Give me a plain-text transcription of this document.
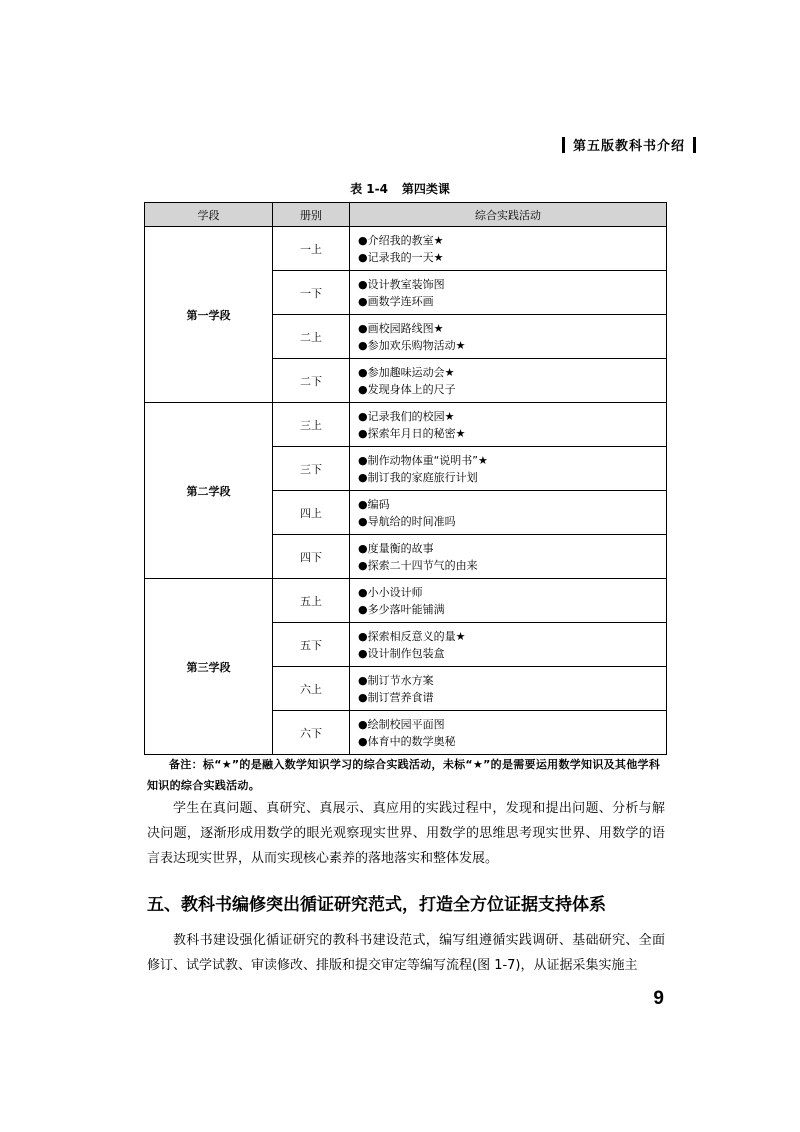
第五版教科书介绍
表 1-4 第四类课
学段	册别	综合实践活动
第一学段	一上	●介绍我的教室★
●记录我的一天★

	一下	●设计教室装饰图
●画数学连环画

	二上	●画校园路线图★
●参加欢乐购物活动★

	二下	●参加趣味运动会★
●发现身体上的尺子

第二学段	三上	●记录我们的校园★
●探索年月日的秘密★

	三下	●制作动物体重“说明书”★
●制订我的家庭旅行计划

	四上	●编码
●导航给的时间准吗

	四下	●度量衡的故事
●探索二十四节气的由来

第三学段	五上	●小小设计师
●多少落叶能铺满

	五下	●探索相反意义的量★
●设计制作包装盒

	六上	●制订节水方案
●制订营养食谱

	六下	●绘制校园平面图
●体育中的数学奥秘
备注：标“★”的是融入数学知识学习的综合实践活动，未标“★”的是需要运用数学知识及其他学科知识的综合实践活动。
学生在真问题、真研究、真展示、真应用的实践过程中，发现和提出问题、分析与解决问题，逐渐形成用数学的眼光观察现实世界、用数学的思维思考现实世界、用数学的语言表达现实世界，从而实现核心素养的落地落实和整体发展。
五、教科书编修突出循证研究范式，打造全方位证据支持体系
教科书建设强化循证研究的教科书建设范式，编写组遵循实践调研、基础研究、全面修订、试学试教、审读修改、排版和提交审定等编写流程(图 1-7)，从证据采集实施主
9
